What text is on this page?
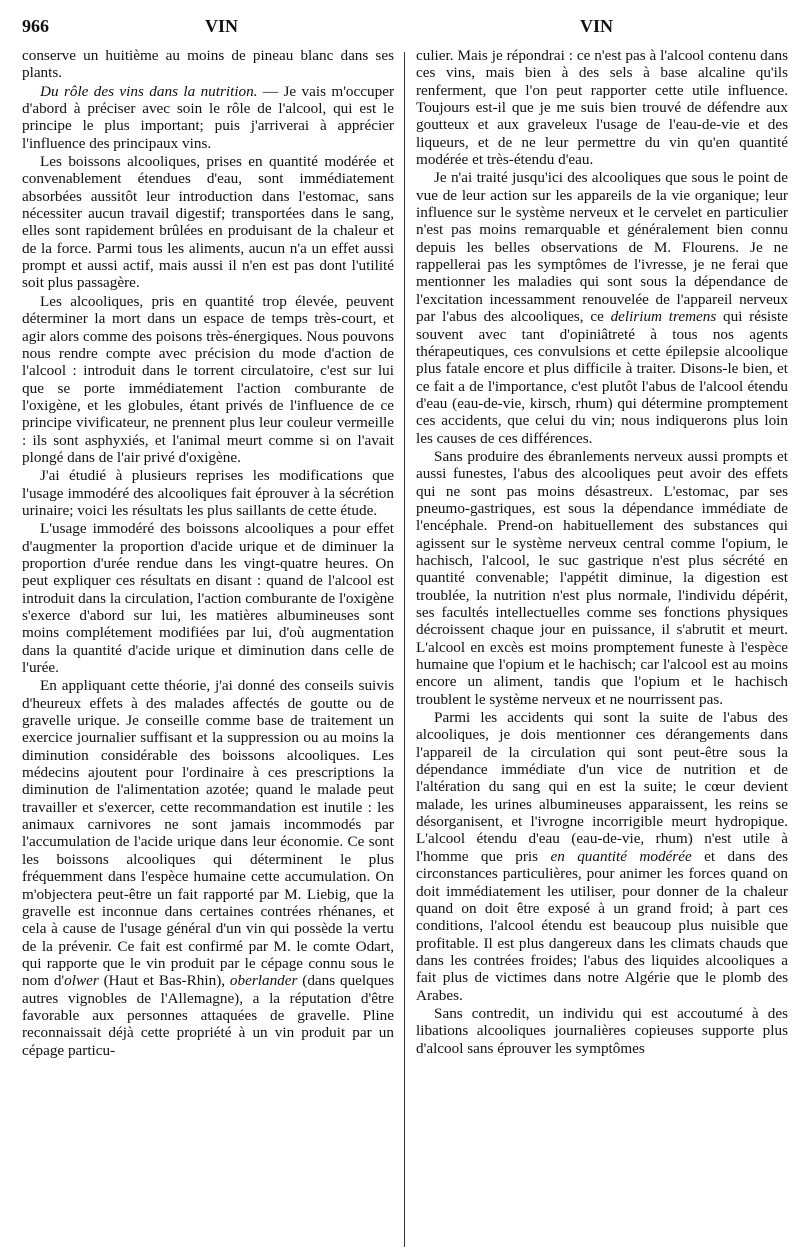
966	VIN	VIN

conserve un huitième au moins de pineau blanc dans ses plants.

Du rôle des vins dans la nutrition. — Je vais m'occuper d'abord à préciser avec soin le rôle de l'alcool, qui est le principe le plus important; puis j'arriverai à apprécier l'influence des principaux vins.

Les boissons alcooliques, prises en quantité modérée et convenablement étendues d'eau, sont immédiatement absorbées aussitôt leur introduction dans l'estomac, sans nécessiter aucun travail digestif; transportées dans le sang, elles sont rapidement brûlées en produisant de la chaleur et de la force. Parmi tous les aliments, aucun n'a un effet aussi prompt et aussi actif, mais aussi il n'en est pas dont l'utilité soit plus passagère.

Les alcooliques, pris en quantité trop élevée, peuvent déterminer la mort dans un espace de temps très-court, et agir alors comme des poisons très-énergiques. Nous pouvons nous rendre compte avec précision du mode d'action de l'alcool : introduit dans le torrent circulatoire, c'est sur lui que se porte immédiatement l'action comburante de l'oxigène, et les globules, étant privés de l'influence de ce principe vivificateur, ne prennent plus leur couleur vermeille : ils sont asphyxiés, et l'animal meurt comme si on l'avait plongé dans de l'air privé d'oxigène.

J'ai étudié à plusieurs reprises les modifications que l'usage immodéré des alcooliques fait éprouver à la sécrétion urinaire; voici les résultats les plus saillants de cette étude.

L'usage immodéré des boissons alcooliques a pour effet d'augmenter la proportion d'acide urique et de diminuer la proportion d'urée rendue dans les vingt-quatre heures. On peut expliquer ces résultats en disant : quand de l'alcool est introduit dans la circulation, l'action comburante de l'oxigène s'exerce d'abord sur lui, les matières albumineuses sont moins complétement modifiées par lui, d'où augmentation dans la quantité d'acide urique et diminution dans celle de l'urée.

En appliquant cette théorie, j'ai donné des conseils suivis d'heureux effets à des malades affectés de goutte ou de gravelle urique. Je conseille comme base de traitement un exercice journalier suffisant et la suppression ou au moins la diminution considérable des boissons alcooliques. Les médecins ajoutent pour l'ordinaire à ces prescriptions la diminution de l'alimentation azotée; quand le malade peut travailler et s'exercer, cette recommandation est inutile : les animaux carnivores ne sont jamais incommodés par l'accumulation de l'acide urique dans leur économie. Ce sont les boissons alcooliques qui déterminent le plus fréquemment dans l'espèce humaine cette accumulation. On m'objectera peut-être un fait rapporté par M. Liebig, que la gravelle est inconnue dans certaines contrées rhénanes, et cela à cause de l'usage général d'un vin qui possède la vertu de la prévenir. Ce fait est confirmé par M. le comte Odart, qui rapporte que le vin produit par le cépage connu sous le nom d'olwer (Haut et Bas-Rhin), oberlander (dans quelques autres vignobles de l'Allemagne), a la réputation d'être favorable aux personnes attaquées de gravelle. Pline reconnaissait déjà cette propriété à un vin produit par un cépage particu-

culier. Mais je répondrai : ce n'est pas à l'alcool contenu dans ces vins, mais bien à des sels à base alcaline qu'ils renferment, que l'on peut rapporter cette utile influence. Toujours est-il que je me suis bien trouvé de défendre aux goutteux et aux graveleux l'usage de l'eau-de-vie et des liqueurs, et de ne leur permettre du vin qu'en quantité modérée et très-étendu d'eau.

Je n'ai traité jusqu'ici des alcooliques que sous le point de vue de leur action sur les appareils de la vie organique; leur influence sur le système nerveux et le cervelet en particulier n'est pas moins remarquable et généralement bien connu depuis les belles observations de M. Flourens. Je ne rappellerai pas les symptômes de l'ivresse, je ne ferai que mentionner les maladies qui sont sous la dépendance de l'excitation incessamment renouvelée de l'appareil nerveux par l'abus des alcooliques, ce delirium tremens qui résiste souvent avec tant d'opiniâtreté à tous nos agents thérapeutiques, ces convulsions et cette épilepsie alcoolique plus fatale encore et plus difficile à traiter. Disons-le bien, et ce fait a de l'importance, c'est plutôt l'abus de l'alcool étendu d'eau (eau-de-vie, kirsch, rhum) qui détermine promptement ces accidents, que celui du vin; nous indiquerons plus loin les causes de ces différences.

Sans produire des ébranlements nerveux aussi prompts et aussi funestes, l'abus des alcooliques peut avoir des effets qui ne sont pas moins désastreux. L'estomac, par ses pneumo-gastriques, est sous la dépendance immédiate de l'encéphale. Prend-on habituellement des substances qui agissent sur le système nerveux central comme l'opium, le hachisch, l'alcool, le suc gastrique n'est plus sécrété en quantité convenable; l'appétit diminue, la digestion est troublée, la nutrition n'est plus normale, l'individu dépérit, ses facultés intellectuelles comme ses fonctions physiques décroissent chaque jour en puissance, il s'abrutit et meurt. L'alcool en excès est moins promptement funeste à l'espèce humaine que l'opium et le hachisch; car l'alcool est au moins encore un aliment, tandis que l'opium et le hachisch troublent le système nerveux et ne nourrissent pas.

Parmi les accidents qui sont la suite de l'abus des alcooliques, je dois mentionner ces dérangements dans l'appareil de la circulation qui sont peut-être sous la dépendance immédiate d'un vice de nutrition et de l'altération du sang qui en est la suite; le cœur devient malade, les urines albumineuses apparaissent, les reins se désorganisent, et l'ivrogne incorrigible meurt hydropique. L'alcool étendu d'eau (eau-de-vie, rhum) n'est utile à l'homme que pris en quantité modérée et dans des circonstances particulières, pour animer les forces quand on doit immédiatement les utiliser, pour donner de la chaleur quand on doit être exposé à un grand froid; à part ces conditions, l'alcool étendu est beaucoup plus nuisible que profitable. Il est plus dangereux dans les climats chauds que dans les contrées froides; l'abus des liquides alcooliques a fait plus de victimes dans notre Algérie que le plomb des Arabes.

Sans contredit, un individu qui est accoutumé à des libations alcooliques journalières copieuses supporte plus d'alcool sans éprouver les symptômes
